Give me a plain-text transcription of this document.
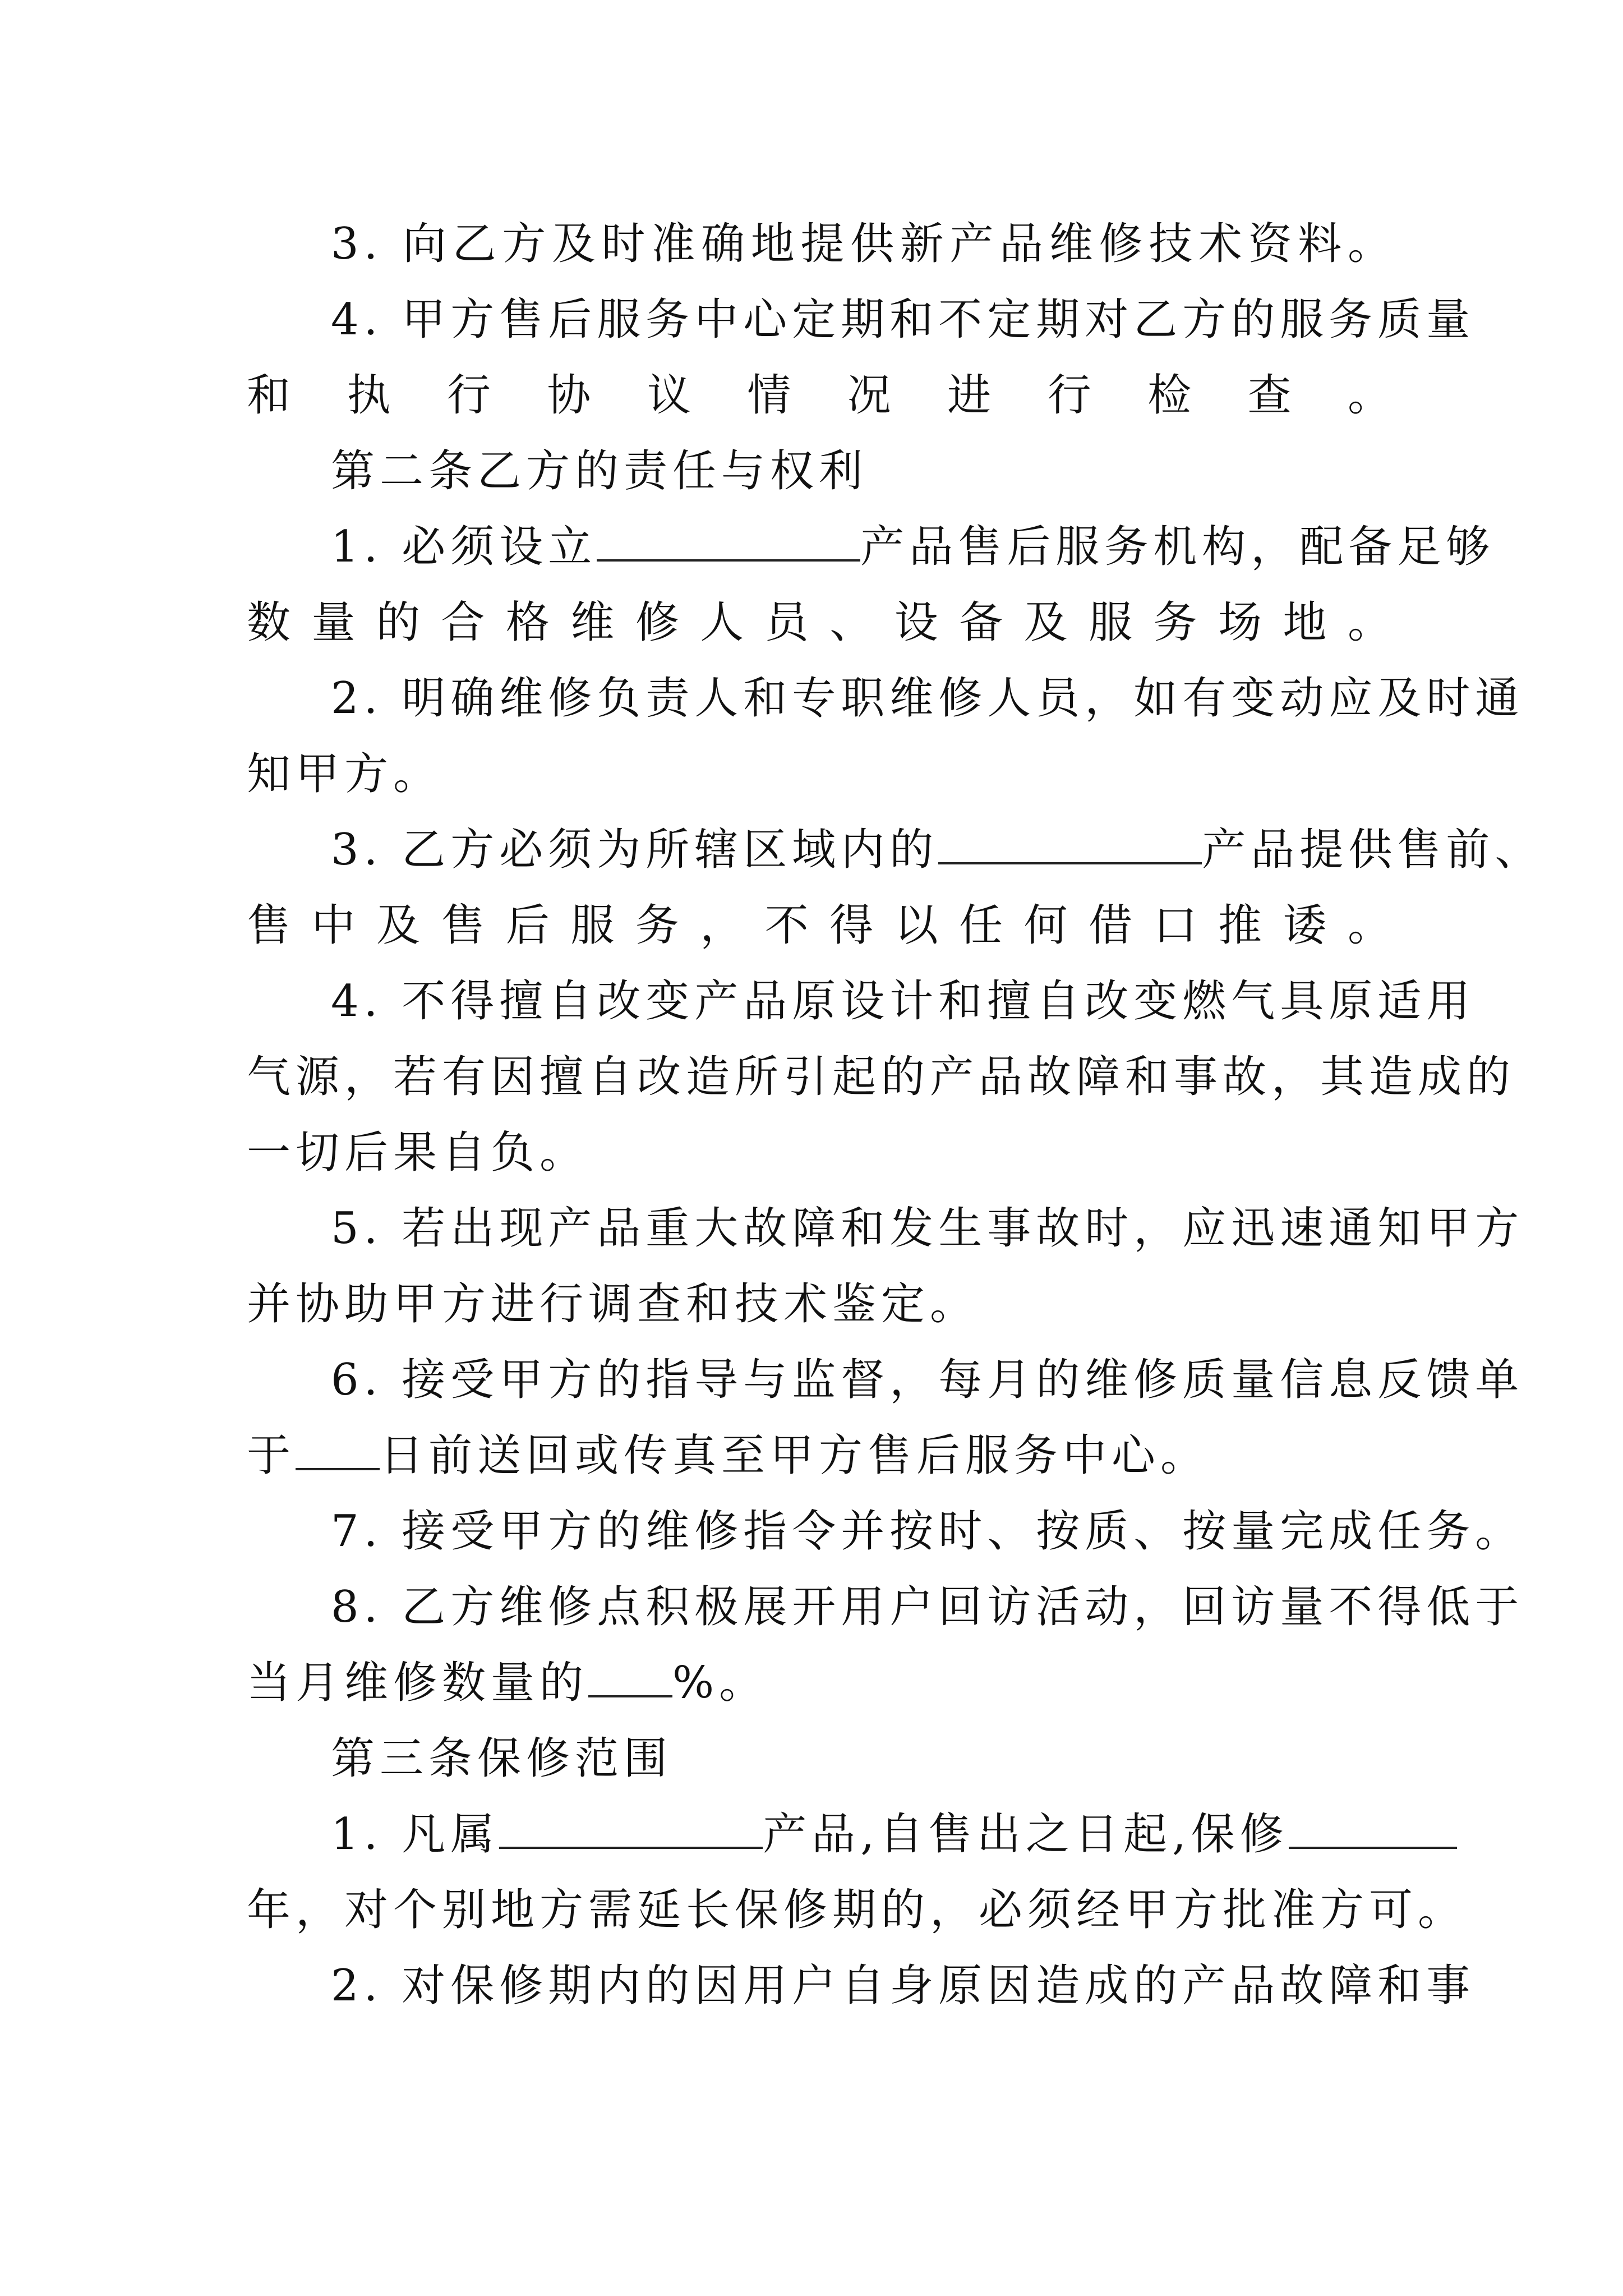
3. 向乙方及时准确地提供新产品维修技术资料。

4. 甲方售后服务中心定期和不定期对乙方的服务质量

和执行协议情况进行检查。

第二条乙方的责任与权利

1. 必须设立	产品售后服务机构，配备足够

数量的合格维修人员、设备及服务场地。

2. 明确维修负责人和专职维修人员，如有变动应及时通

知甲方。

3. 乙方必须为所辖区域内的	产品提供售前、

售中及售后服务，不得以任何借口推诿。

4. 不得擅自改变产品原设计和擅自改变燃气具原适用

气源，若有因擅自改造所引起的产品故障和事故，其造成的

一切后果自负。

5. 若出现产品重大故障和发生事故时，应迅速通知甲方

并协助甲方进行调查和技术鉴定。

6. 接受甲方的指导与监督，每月的维修质量信息反馈单

于 日前送回或传真至甲方售后服务中心。

7. 接受甲方的维修指令并按时、按质、按量完成任务。

8. 乙方维修点积极展开用户回访活动，回访量不得低于

当月维修数量的 %。

第三条保修范围

1. 凡属	产品,自售出之日起,保修

年，对个别地方需延长保修期的，必须经甲方批准方可。

2. 对保修期内的因用户自身原因造成的产品故障和事
